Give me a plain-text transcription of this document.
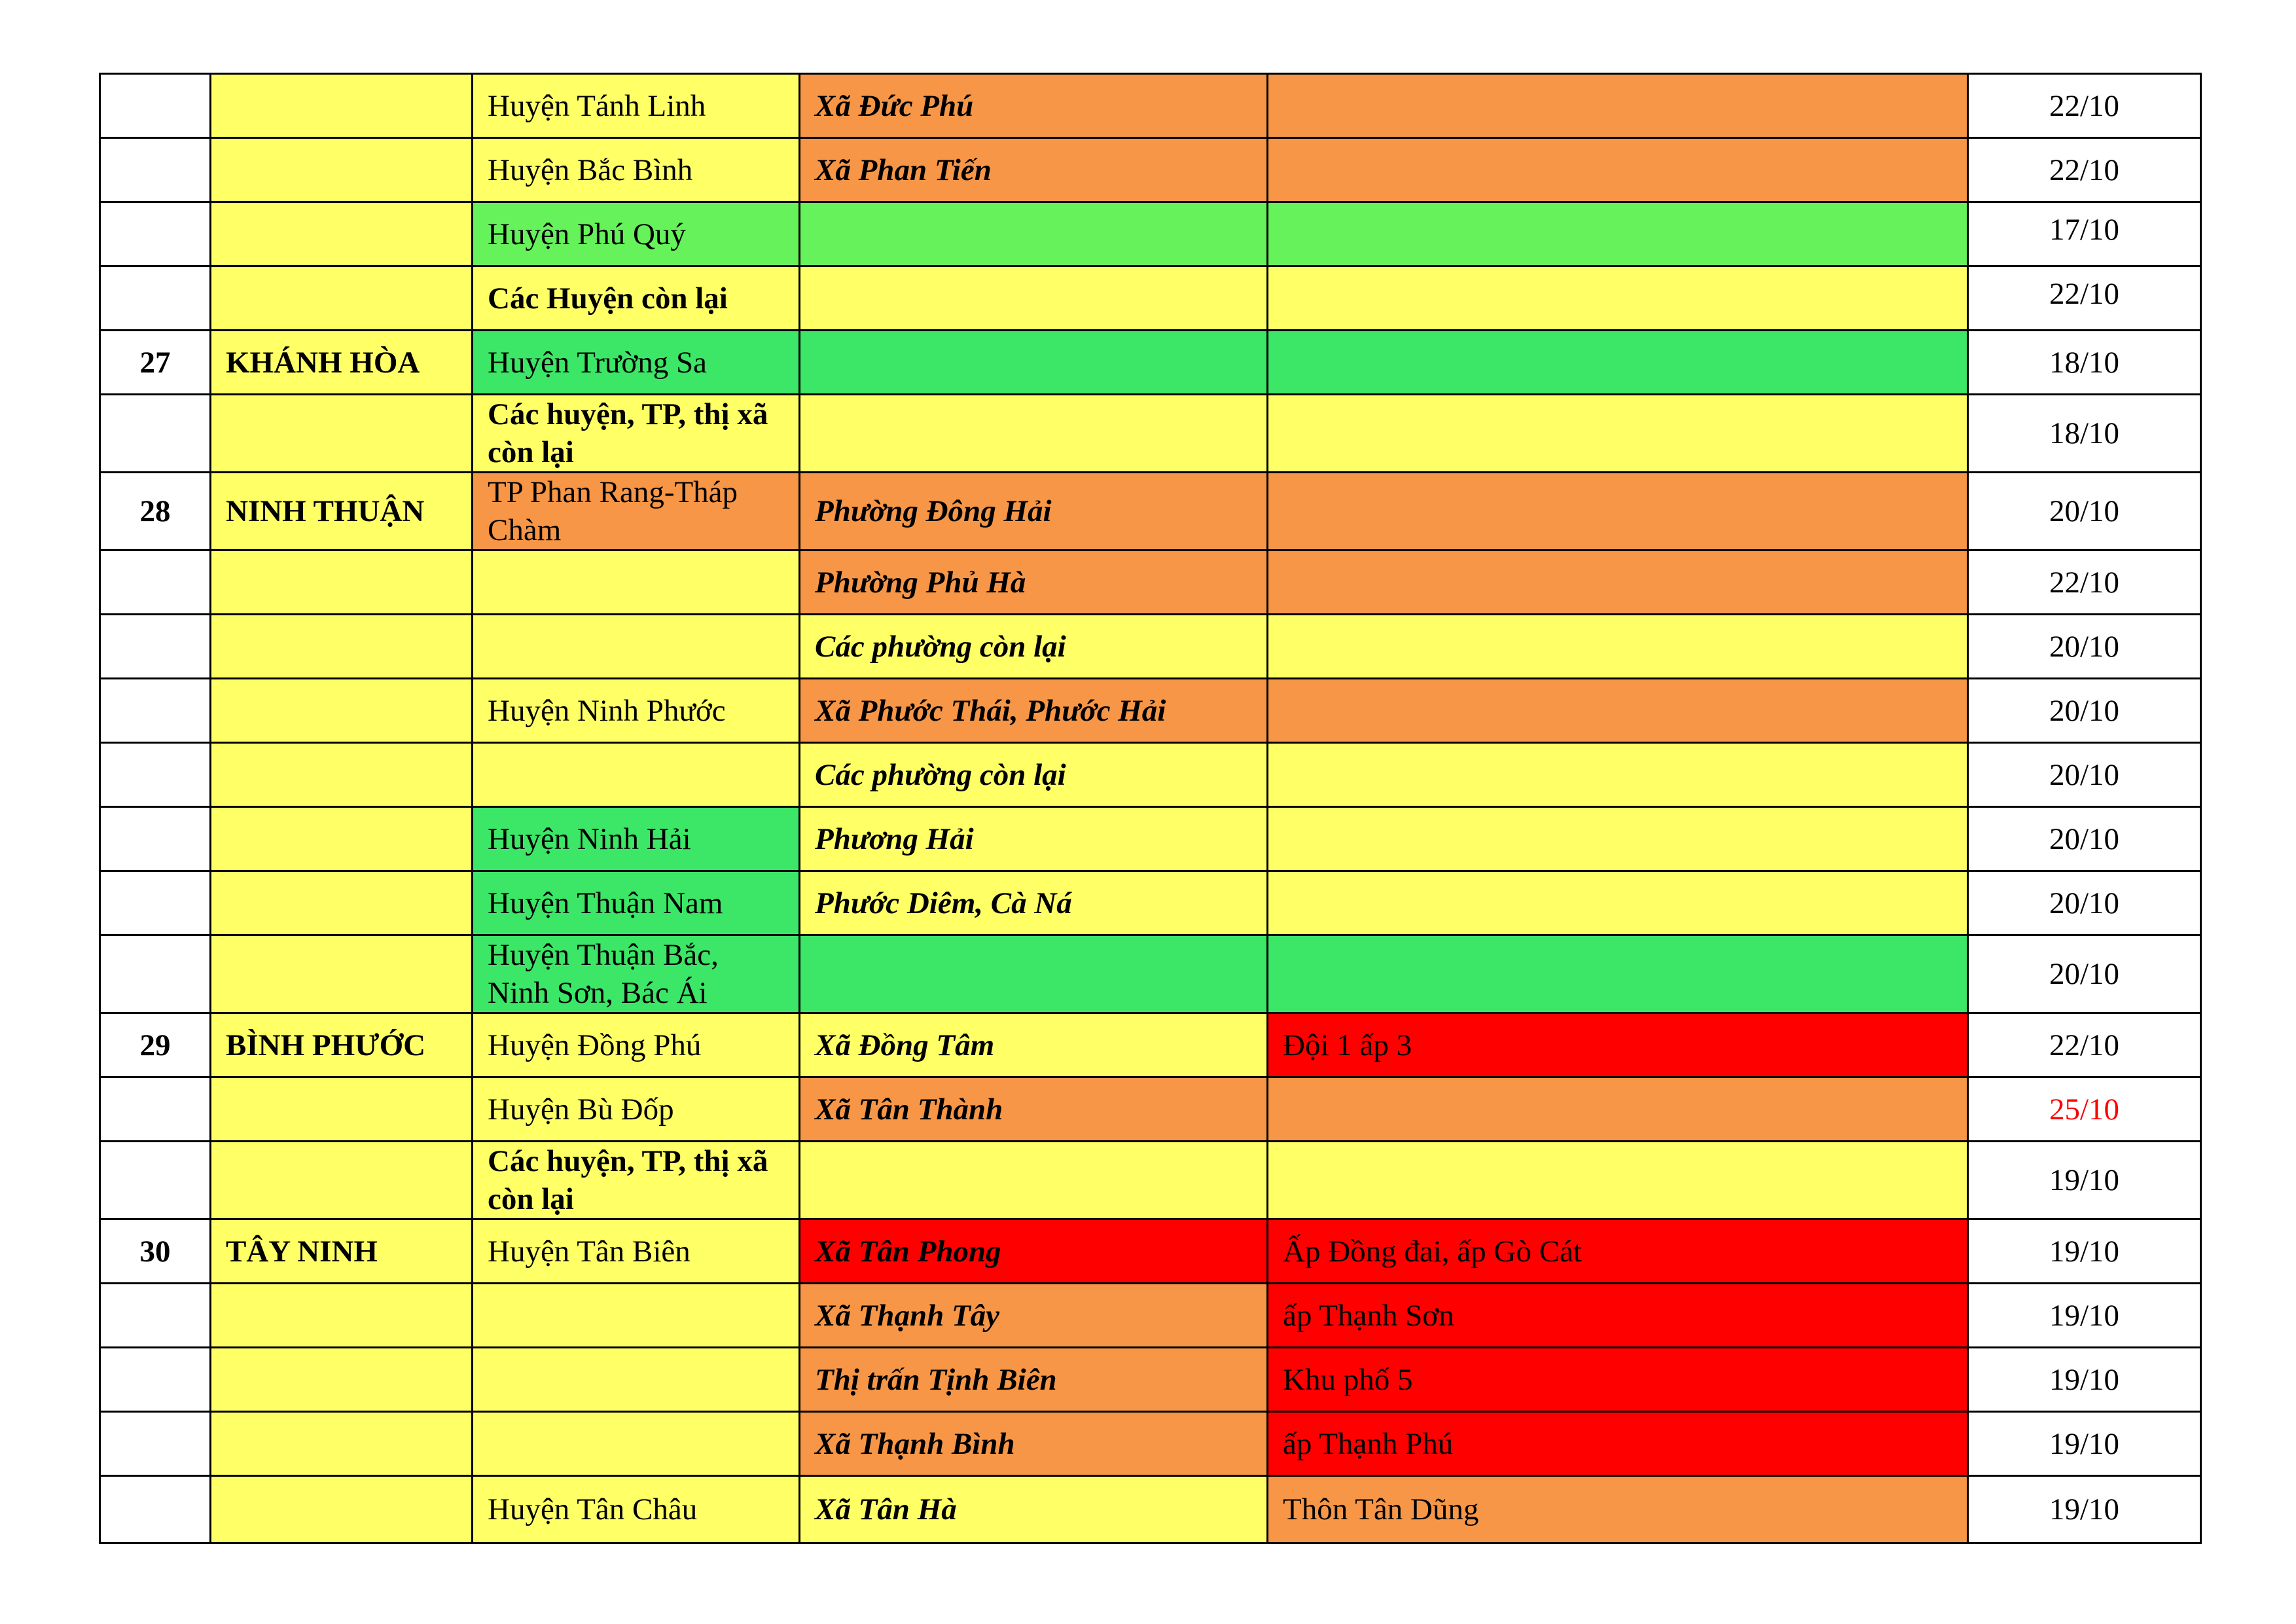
		Huyện Tánh Linh	Xã Đức Phú		22/10
		Huyện Bắc Bình	Xã Phan Tiến		22/10
		Huyện Phú Quý			17/10
		Các Huyện còn lại			22/10
27	KHÁNH HÒA	Huyện Trường Sa			18/10
		Các huyện, TP, thị xã còn lại			18/10
28	NINH THUẬN	TP Phan Rang-Tháp Chàm	Phường Đông Hải		20/10
			Phường Phủ Hà		22/10
			Các phường còn lại		20/10
		Huyện Ninh Phước	Xã Phước Thái, Phước Hải		20/10
			Các phường còn lại		20/10
		Huyện Ninh Hải	Phương Hải		20/10
		Huyện Thuận Nam	Phước Diêm, Cà Ná		20/10
		Huyện Thuận Bắc, Ninh Sơn, Bác Ái			20/10
29	BÌNH PHƯỚC	Huyện Đồng Phú	Xã Đồng Tâm	Đội 1 ấp 3	22/10
		Huyện Bù Đốp	Xã Tân Thành		25/10
		Các huyện, TP, thị xã còn lại			19/10
30	TÂY NINH	Huyện Tân Biên	Xã Tân Phong	Ấp Đồng đai, ấp Gò Cát	19/10
			Xã Thạnh Tây	ấp Thạnh Sơn	19/10
			Thị trấn Tịnh Biên	Khu phố 5	19/10
			Xã Thạnh Bình	ấp Thạnh Phú	19/10
		Huyện Tân Châu	Xã Tân Hà	Thôn Tân Dũng	19/10
